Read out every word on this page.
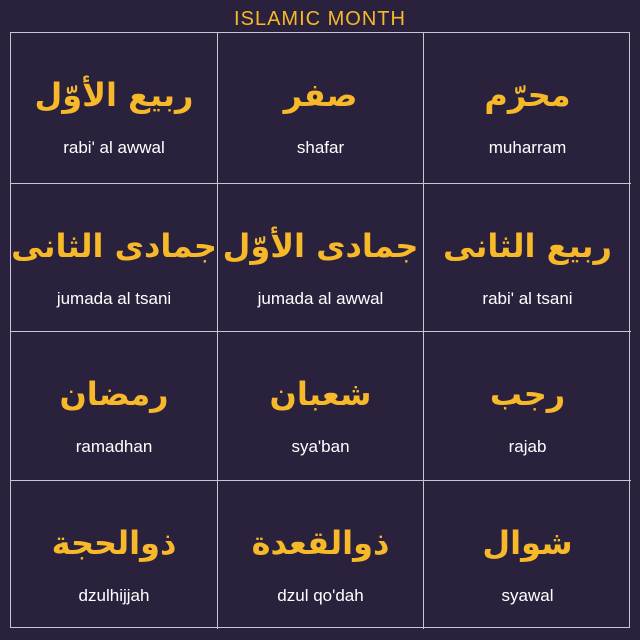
ISLAMIC MONTH
ربيع الأوّل
rabi' al awwal
صفر
shafar
محرّم
muharram
جمادى الثانى
jumada al tsani
جمادى الأوّل
jumada al awwal
ربيع الثانى
rabi' al tsani
رمضان
ramadhan
شعبان
sya'ban
رجب
rajab
ذوالحجة
dzulhijjah
ذوالقعدة
dzul qo'dah
شوال
syawal
